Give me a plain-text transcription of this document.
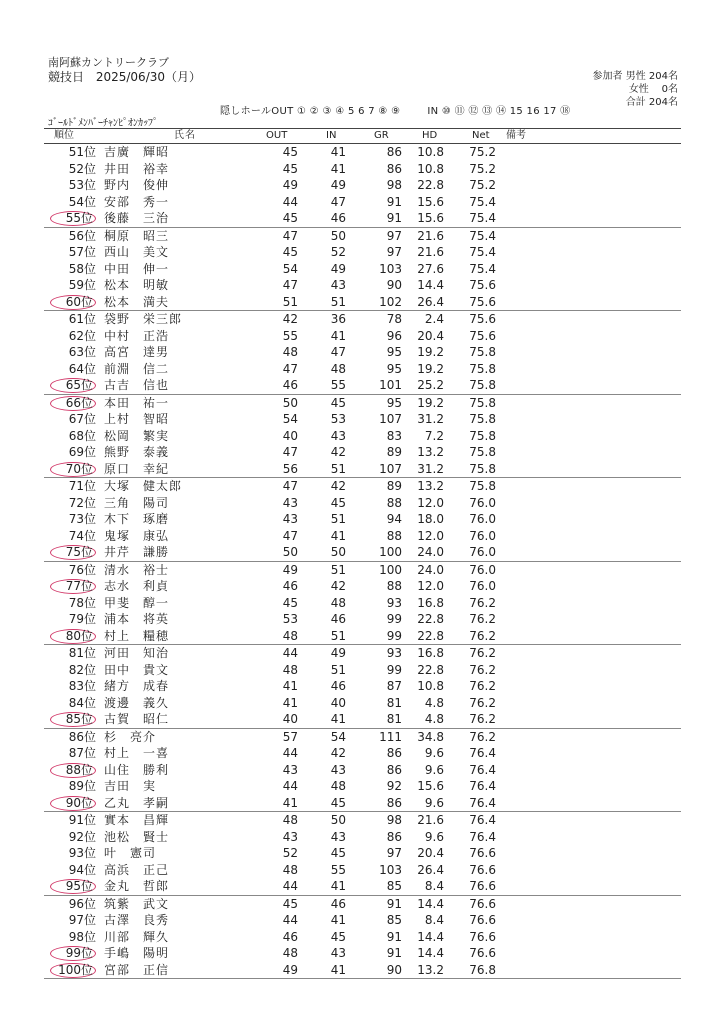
南阿蘇カントリークラブ
競技日 2025/06/30（月）	参加者 男性 204名
女性 0名
合計 204名
隠しホールOUT ① ② ③ ④ 5 6 7 ⑧ ⑨	IN ⑩ ⑪ ⑫ ⑬ ⑭ 15 16 17 ⑱
ｺﾞｰﾙﾄﾞﾒﾝﾊﾞｰﾁｬﾝﾋﾟｵﾝｶｯﾌﾟ
順位	氏名	OUT	IN	GR	HD	Net	備考
51位 吉廣　輝昭	45	41	86	10.8	75.2
52位 井田　裕幸	45	41	86	10.8	75.2
53位 野内　俊伸	49	49	98	22.8	75.2
54位 安部　秀一	44	47	91	15.6	75.4
55位 後藤　三治	45	46	91	15.6	75.4
56位 桐原　昭三	47	50	97	21.6	75.4
57位 西山　美文	45	52	97	21.6	75.4
58位 中田　伸一	54	49	103	27.6	75.4
59位 松本　明敏	47	43	90	14.4	75.6
60位 松本　満夫	51	51	102	26.4	75.6
61位 袋野　栄三郎	42	36	78	2.4	75.6
62位 中村　正浩	55	41	96	20.4	75.6
63位 高宮　達男	48	47	95	19.2	75.8
64位 前淵　信二	47	48	95	19.2	75.8
65位 古吉　信也	46	55	101	25.2	75.8
66位 本田　祐一	50	45	95	19.2	75.8
67位 上村　智昭	54	53	107	31.2	75.8
68位 松岡　繁実	40	43	83	7.2	75.8
69位 熊野　泰義	47	42	89	13.2	75.8
70位 原口　幸紀	56	51	107	31.2	75.8
71位 大塚　健太郎	47	42	89	13.2	75.8
72位 三角　陽司	43	45	88	12.0	76.0
73位 木下　琢磨	43	51	94	18.0	76.0
74位 鬼塚　康弘	47	41	88	12.0	76.0
75位 井芹　謙勝	50	50	100	24.0	76.0
76位 清水　裕士	49	51	100	24.0	76.0
77位 志水　利貞	46	42	88	12.0	76.0
78位 甲斐　醇一	45	48	93	16.8	76.2
79位 浦本　将英	53	46	99	22.8	76.2
80位 村上　糧穂	48	51	99	22.8	76.2
81位 河田　知治	44	49	93	16.8	76.2
82位 田中　貴文	48	51	99	22.8	76.2
83位 緒方　成春	41	46	87	10.8	76.2
84位 渡邊　義久	41	40	81	4.8	76.2
85位 古賀　昭仁	40	41	81	4.8	76.2
86位 杉　亮介	57	54	111	34.8	76.2
87位 村上　一喜	44	42	86	9.6	76.4
88位 山住　勝利	43	43	86	9.6	76.4
89位 吉田　実	44	48	92	15.6	76.4
90位 乙丸　孝嗣	41	45	86	9.6	76.4
91位 實本　昌輝	48	50	98	21.6	76.4
92位 池松　賢士	43	43	86	9.6	76.4
93位 叶　憲司	52	45	97	20.4	76.6
94位 高浜　正己	48	55	103	26.4	76.6
95位 金丸　哲郎	44	41	85	8.4	76.6
96位 筑紫　武文	45	46	91	14.4	76.6
97位 古澤　良秀	44	41	85	8.4	76.6
98位 川部　輝久	46	45	91	14.4	76.6
99位 手嶋　陽明	48	43	91	14.4	76.6
100位 宮部　正信	49	41	90	13.2	76.8
